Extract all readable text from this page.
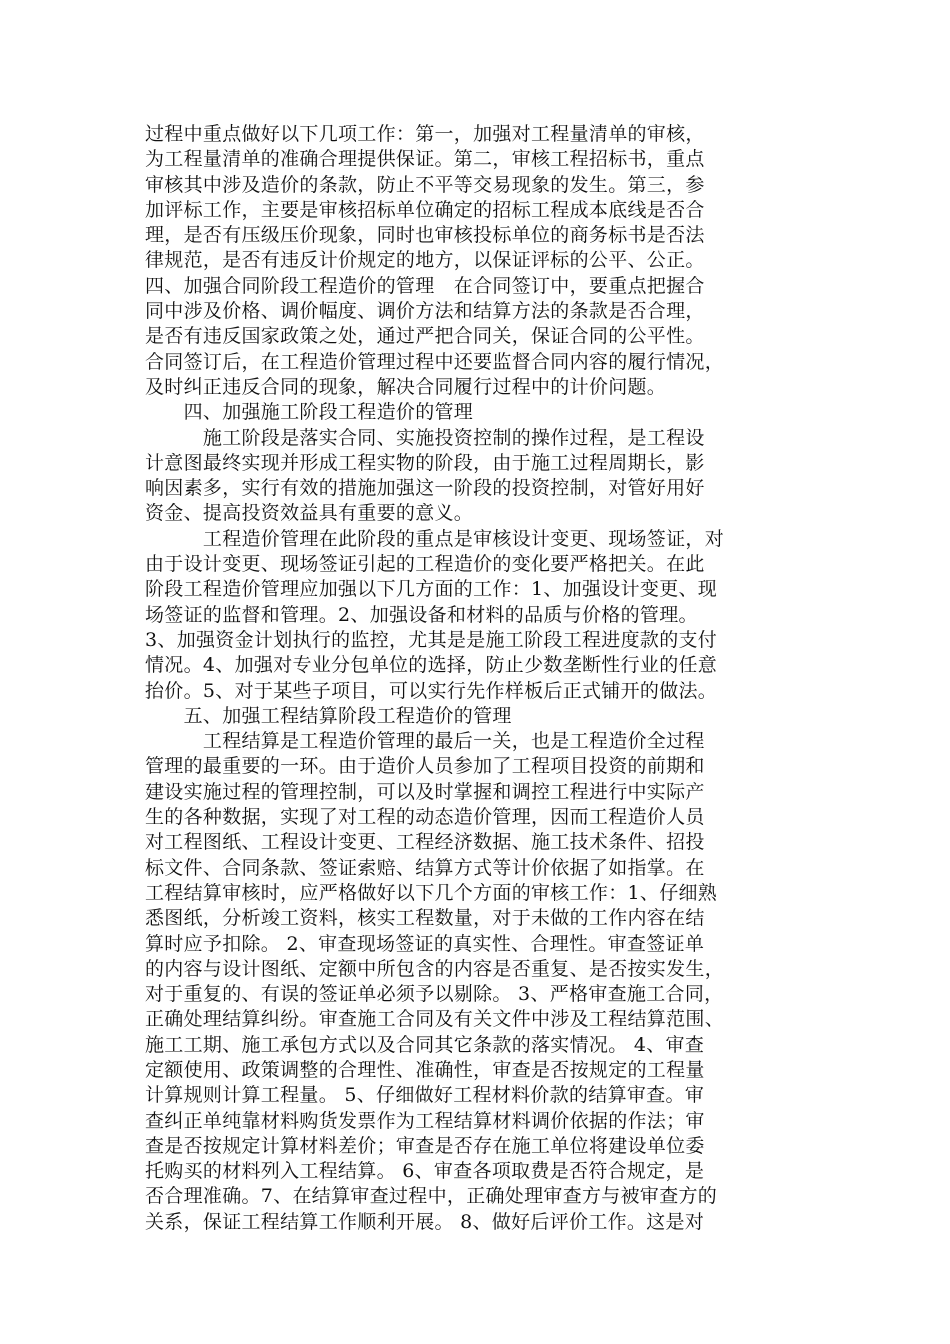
过程中重点做好以下几项工作：第一，加强对工程量清单的审核，
为工程量清单的准确合理提供保证。第二，审核工程招标书，重点
审核其中涉及造价的条款，防止不平等交易现象的发生。第三，参
加评标工作，主要是审核招标单位确定的招标工程成本底线是否合
理，是否有压级压价现象，同时也审核投标单位的商务标书是否法
律规范，是否有违反计价规定的地方，以保证评标的公平、公正。
四、加强合同阶段工程造价的管理　在合同签订中，要重点把握合
同中涉及价格、调价幅度、调价方法和结算方法的条款是否合理，
是否有违反国家政策之处，通过严把合同关，保证合同的公平性。
合同签订后，在工程造价管理过程中还要监督合同内容的履行情况，
及时纠正违反合同的现象，解决合同履行过程中的计价问题。
　　四、加强施工阶段工程造价的管理
　　　施工阶段是落实合同、实施投资控制的操作过程，是工程设
计意图最终实现并形成工程实物的阶段，由于施工过程周期长，影
响因素多，实行有效的措施加强这一阶段的投资控制，对管好用好
资金、提高投资效益具有重要的意义。
　　　工程造价管理在此阶段的重点是审核设计变更、现场签证，对
由于设计变更、现场签证引起的工程造价的变化要严格把关。在此
阶段工程造价管理应加强以下几方面的工作：1、加强设计变更、现
场签证的监督和管理。2、加强设备和材料的品质与价格的管理。
3、加强资金计划执行的监控，尤其是是施工阶段工程进度款的支付
情况。4、加强对专业分包单位的选择，防止少数垄断性行业的任意
抬价。5、对于某些子项目，可以实行先作样板后正式铺开的做法。
　　五、加强工程结算阶段工程造价的管理
　　　工程结算是工程造价管理的最后一关，也是工程造价全过程
管理的最重要的一环。由于造价人员参加了工程项目投资的前期和
建设实施过程的管理控制，可以及时掌握和调控工程进行中实际产
生的各种数据，实现了对工程的动态造价管理，因而工程造价人员
对工程图纸、工程设计变更、工程经济数据、施工技术条件、招投
标文件、合同条款、签证索赔、结算方式等计价依据了如指掌。在
工程结算审核时，应严格做好以下几个方面的审核工作：1、仔细熟
悉图纸，分析竣工资料，核实工程数量，对于未做的工作内容在结
算时应予扣除。 2、审查现场签证的真实性、合理性。审查签证单
的内容与设计图纸、定额中所包含的内容是否重复、是否按实发生，
对于重复的、有误的签证单必须予以剔除。 3、严格审查施工合同，
正确处理结算纠纷。审查施工合同及有关文件中涉及工程结算范围、
施工工期、施工承包方式以及合同其它条款的落实情况。 4、审查
定额使用、政策调整的合理性、准确性，审查是否按规定的工程量
计算规则计算工程量。 5、仔细做好工程材料价款的结算审查。审
查纠正单纯靠材料购货发票作为工程结算材料调价依据的作法；审
查是否按规定计算材料差价；审查是否存在施工单位将建设单位委
托购买的材料列入工程结算。 6、审查各项取费是否符合规定，是
否合理准确。7、在结算审查过程中，正确处理审查方与被审查方的
关系，保证工程结算工作顺利开展。 8、做好后评价工作。这是对
